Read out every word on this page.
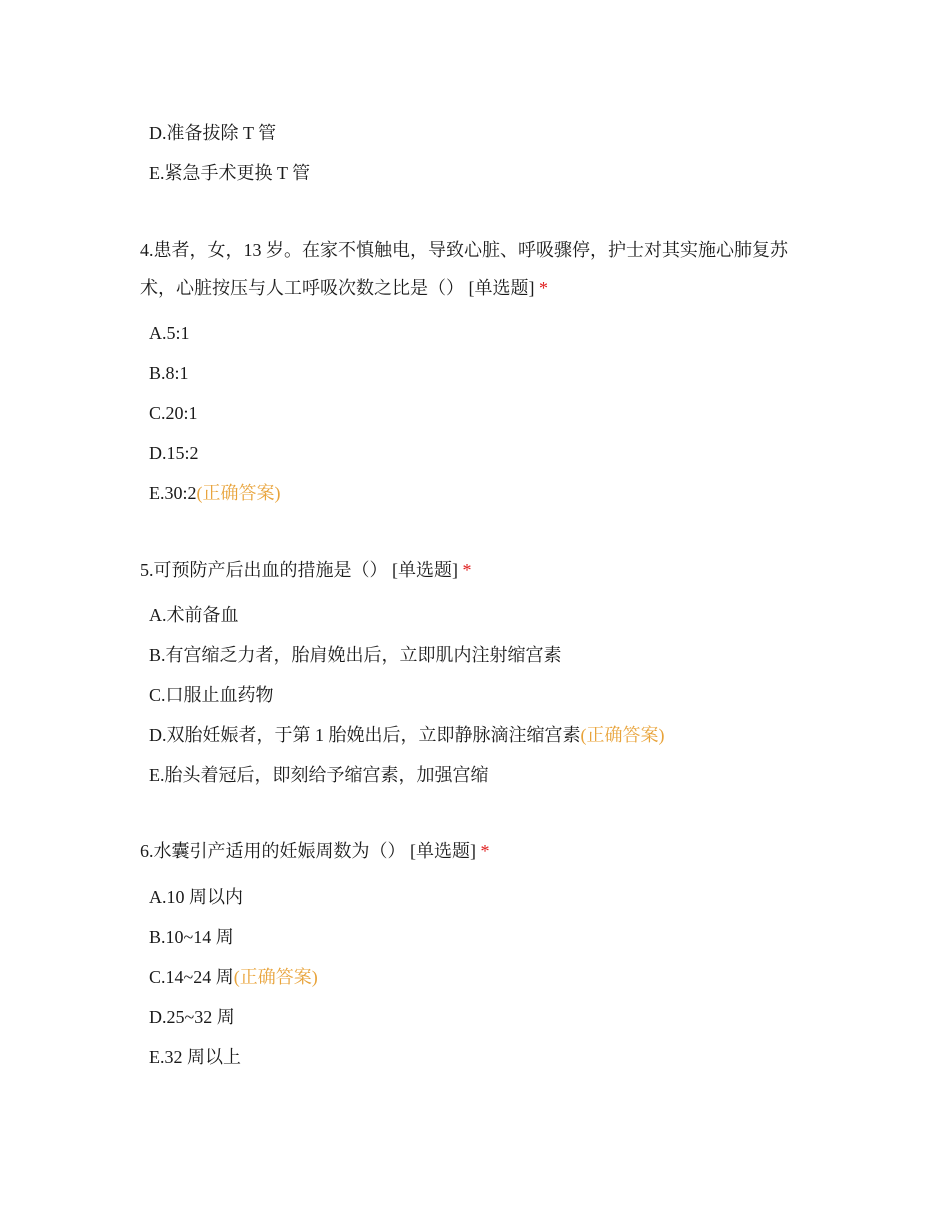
D.准备拔除 T 管
E.紧急手术更换 T 管
4.患者，女，13 岁。在家不慎触电，导致心脏、呼吸骤停，护士对其实施心肺复苏术，心脏按压与人工呼吸次数之比是（） [单选题] *
A.5:1
B.8:1
C.20:1
D.15:2
E.30:2(正确答案)
5.可预防产后出血的措施是（） [单选题] *
A.术前备血
B.有宫缩乏力者，胎肩娩出后，立即肌内注射缩宫素
C.口服止血药物
D.双胎妊娠者，于第 1 胎娩出后，立即静脉滴注缩宫素(正确答案)
E.胎头着冠后，即刻给予缩宫素，加强宫缩
6.水囊引产适用的妊娠周数为（） [单选题] *
A.10 周以内
B.10~14 周
C.14~24 周(正确答案)
D.25~32 周
E.32 周以上
